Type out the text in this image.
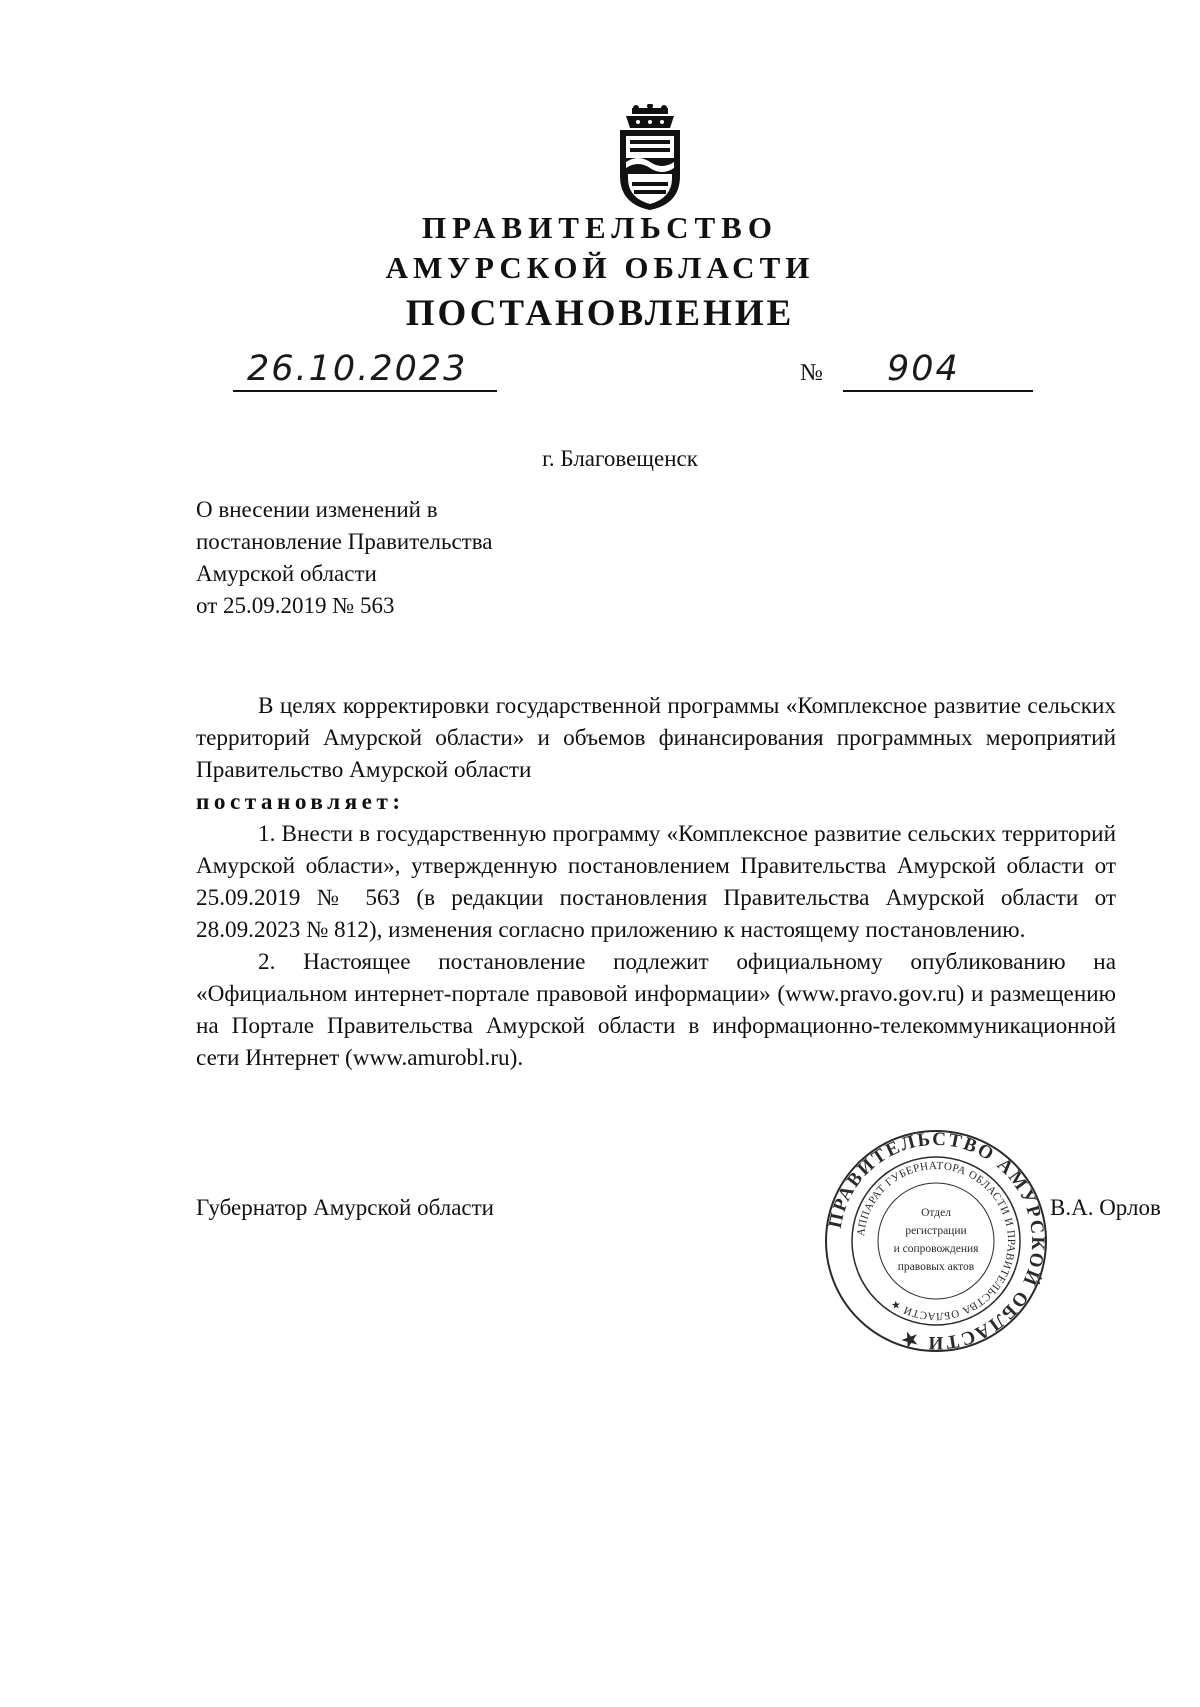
ПРАВИТЕЛЬСТВО
АМУРСКОЙ ОБЛАСТИ
ПОСТАНОВЛЕНИЕ
26.10.2023	№	904
г. Благовещенск
О внесении изменений в
постановление Правительства
Амурской области
от 25.09.2019 № 563

В целях корректировки государственной программы «Комплексное развитие сельских территорий Амурской области» и объемов финансирования программных мероприятий Правительство Амурской области

постановляет:

1. Внести в государственную программу «Комплексное развитие сельских территорий Амурской области», утвержденную постановлением Правительства Амурской области от 25.09.2019 № 563 (в редакции постановления Правительства Амурской области от 28.09.2023 № 812), изменения согласно приложению к настоящему постановлению.

2. Настоящее постановление подлежит официальному опубликованию на «Официальном интернет-портале правовой информации» (www.pravo.gov.ru) и размещению на Портале Правительства Амурской области в информационно-телекоммуникационной сети Интернет (www.amurobl.ru).

Губернатор Амурской области	В.А. Орлов
ПРАВИТЕЛЬСТВО АМУРСКОЙ ОБЛАСТИ ★
АППАРАТ ГУБЕРНАТОРА ОБЛАСТИ И ПРАВИТЕЛЬСТВА ОБЛАСТИ ★
Отдел
регистрации
и сопровождения
правовых актов
